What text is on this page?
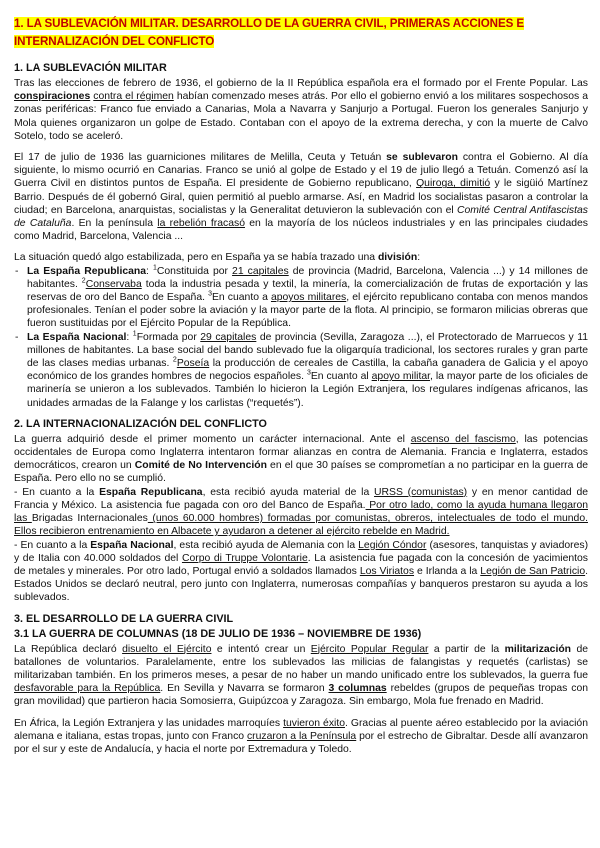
1. LA SUBLEVACIÓN MILITAR. DESARROLLO DE LA GUERRA CIVIL, PRIMERAS ACCIONES E INTERNALIZACIÓN DEL CONFLICTO
1. LA SUBLEVACIÓN MILITAR

Tras las elecciones de febrero de 1936, el gobierno de la II República española era el formado por el Frente Popular. Las conspiraciones contra el régimen habían comenzado meses atrás. Por ello el gobierno envió a los militares sospechosos a zonas periféricas: Franco fue enviado a Canarias, Mola a Navarra y Sanjurjo a Portugal. Fueron los generales Sanjurjo y Mola quienes organizaron un golpe de Estado. Contaban con el apoyo de la extrema derecha, y con la muerte de Calvo Sotelo, todo se aceleró.

El 17 de julio de 1936 las guarniciones militares de Melilla, Ceuta y Tetuán se sublevaron contra el Gobierno. Al día siguiente, lo mismo ocurrió en Canarias. Franco se unió al golpe de Estado y el 19 de julio llegó a Tetuán. Comenzó así la Guerra Civil en distintos puntos de España. El presidente de Gobierno republicano, Quiroga, dimitió y le sigüió Martínez Barrio. Después de él gobernó Giral, quien permitió al pueblo armarse. Así, en Madrid los socialistas pasaron a controlar la ciudad; en Barcelona, anarquistas, socialistas y la Generalitat detuvieron la sublevación con el Comité Central Antifascistas de Cataluña. En la península la rebelión fracasó en la mayoría de los núcleos industriales y en las principales ciudades como Madrid, Barcelona, Valencia ...

La situación quedó algo estabilizada, pero en España ya se había trazado una división:

- La España Republicana: $^1$Constituida por 21 capitales de provincia (Madrid, Barcelona, Valencia ...) y 14 millones de habitantes. $^2$Conservaba toda la industria pesada y textil, la minería, la comercialización de frutas de exportación y las reservas de oro del Banco de España. $^3$En cuanto a apoyos militares, el ejército republicano contaba con menos mandos profesionales. Tenían el poder sobre la aviación y la mayor parte de la flota. Al principio, se formaron milicias obreras que fueron sustituidas por el Ejército Popular de la República.
- La España Nacional: $^1$Formada por 29 capitales de provincia (Sevilla, Zaragoza ...), el Protectorado de Marruecos y 11 millones de habitantes. La base social del bando sublevado fue la oligarquía tradicional, los sectores rurales y gran parte de las clases medias urbanas. $^2$Poseía la producción de cereales de Castilla, la cabaña ganadera de Galicia y el apoyo económico de los grandes hombres de negocios españoles. $^3$En cuanto al apoyo militar, la mayor parte de los oficiales de marinería se unieron a los sublevados. También lo hicieron la Legión Extranjera, los regulares indígenas africanos, las unidades armadas de la Falange y los carlistas (“requetés”).
2. LA INTERNACIONALIZACIÓN DEL CONFLICTO

La guerra adquirió desde el primer momento un carácter internacional. Ante el ascenso del fascismo, las potencias occidentales de Europa como Inglaterra intentaron formar alianzas en contra de Alemania. Francia e Inglaterra, estados democráticos, crearon un Comité de No Intervención en el que 30 países se comprometían a no participar en la guerra de España. Pero ello no se cumplió.

- En cuanto a la España Republicana, esta recibió ayuda material de la URSS (comunistas) y en menor cantidad de Francia y México. La asistencia fue pagada con oro del Banco de España. Por otro lado, como la ayuda humana llegaron las Brigadas Internacionales (unos 60.000 hombres) formadas por comunistas, obreros, intelectuales de todo el mundo. Ellos recibieron entrenamiento en Albacete y ayudaron a detener al ejército rebelde en Madrid.

- En cuanto a la España Nacional, esta recibió ayuda de Alemania con la Legión Cóndor (asesores, tanquistas y aviadores) y de Italia con 40.000 soldados del Corpo di Truppe Volontarie. La asistencia fue pagada con la concesión de yacimientos de metales y minerales. Por otro lado, Portugal envió a soldados llamados Los Viriatos e Irlanda a la Legión de San Patricio. Estados Unidos se declaró neutral, pero junto con Inglaterra, numerosas compañías y banqueros prestaron su ayuda a los sublevados.

3. EL DESARROLLO DE LA GUERRA CIVIL
3.1 LA GUERRA DE COLUMNAS (18 DE JULIO DE 1936 – NOVIEMBRE DE 1936)

La República declaró disuelto el Ejército e intentó crear un Ejército Popular Regular a partir de la militarización de batallones de voluntarios. Paralelamente, entre los sublevados las milicias de falangistas y requetés (carlistas) se militarizaban también. En los primeros meses, a pesar de no haber un mando unificado entre los sublevados, la guerra fue desfavorable para la República. En Sevilla y Navarra se formaron 3 columnas rebeldes (grupos de pequeñas tropas con gran movilidad) que partieron hacia Somosierra, Guipúzcoa y Zaragoza. Sin embargo, Mola fue frenado en Madrid.

En África, la Legión Extranjera y las unidades marroquíes tuvieron éxito. Gracias al puente aéreo establecido por la aviación alemana e italiana, estas tropas, junto con Franco cruzaron a la Península por el estrecho de Gibraltar. Desde allí avanzaron por el sur y este de Andalucía, y hacia el norte por Extremadura y Toledo.
